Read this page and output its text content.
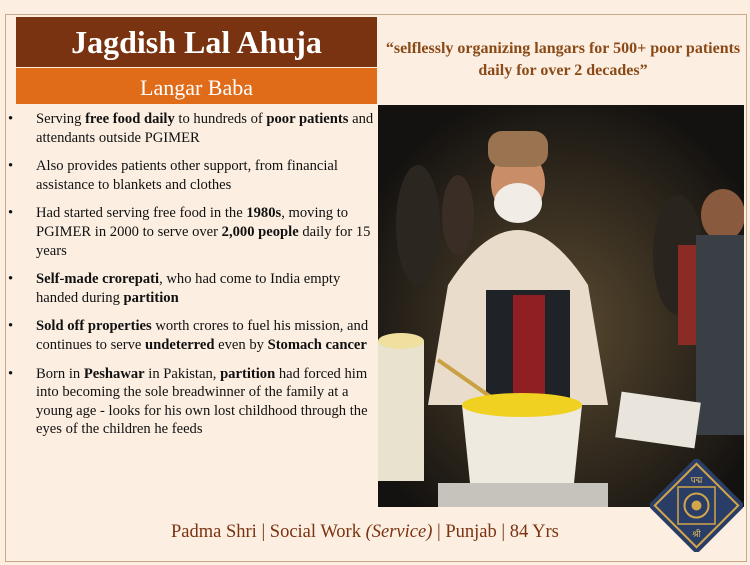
Jagdish Lal Ahuja
Langar Baba
“selflessly organizing langars for 500+ poor patients daily for over 2 decades”
• Serving free food daily to hundreds of poor patients and attendants outside PGIMER
• Also provides patients other support, from financial assistance to blankets and clothes
• Had started serving free food in the 1980s, moving to PGIMER in 2000 to serve over 2,000 people daily for 15 years
• Self-made crorepati, who had come to India empty handed during partition
• Sold off properties worth crores to fuel his mission, and continues to serve undeterred even by Stomach cancer
• Born in Peshawar in Pakistan, partition had forced him into becoming the sole breadwinner of the family at a young age - looks for his own lost childhood through the eyes of the children he feeds
Padma Shri | Social Work (Service) | Punjab | 84 Yrs
पद्म
श्री
